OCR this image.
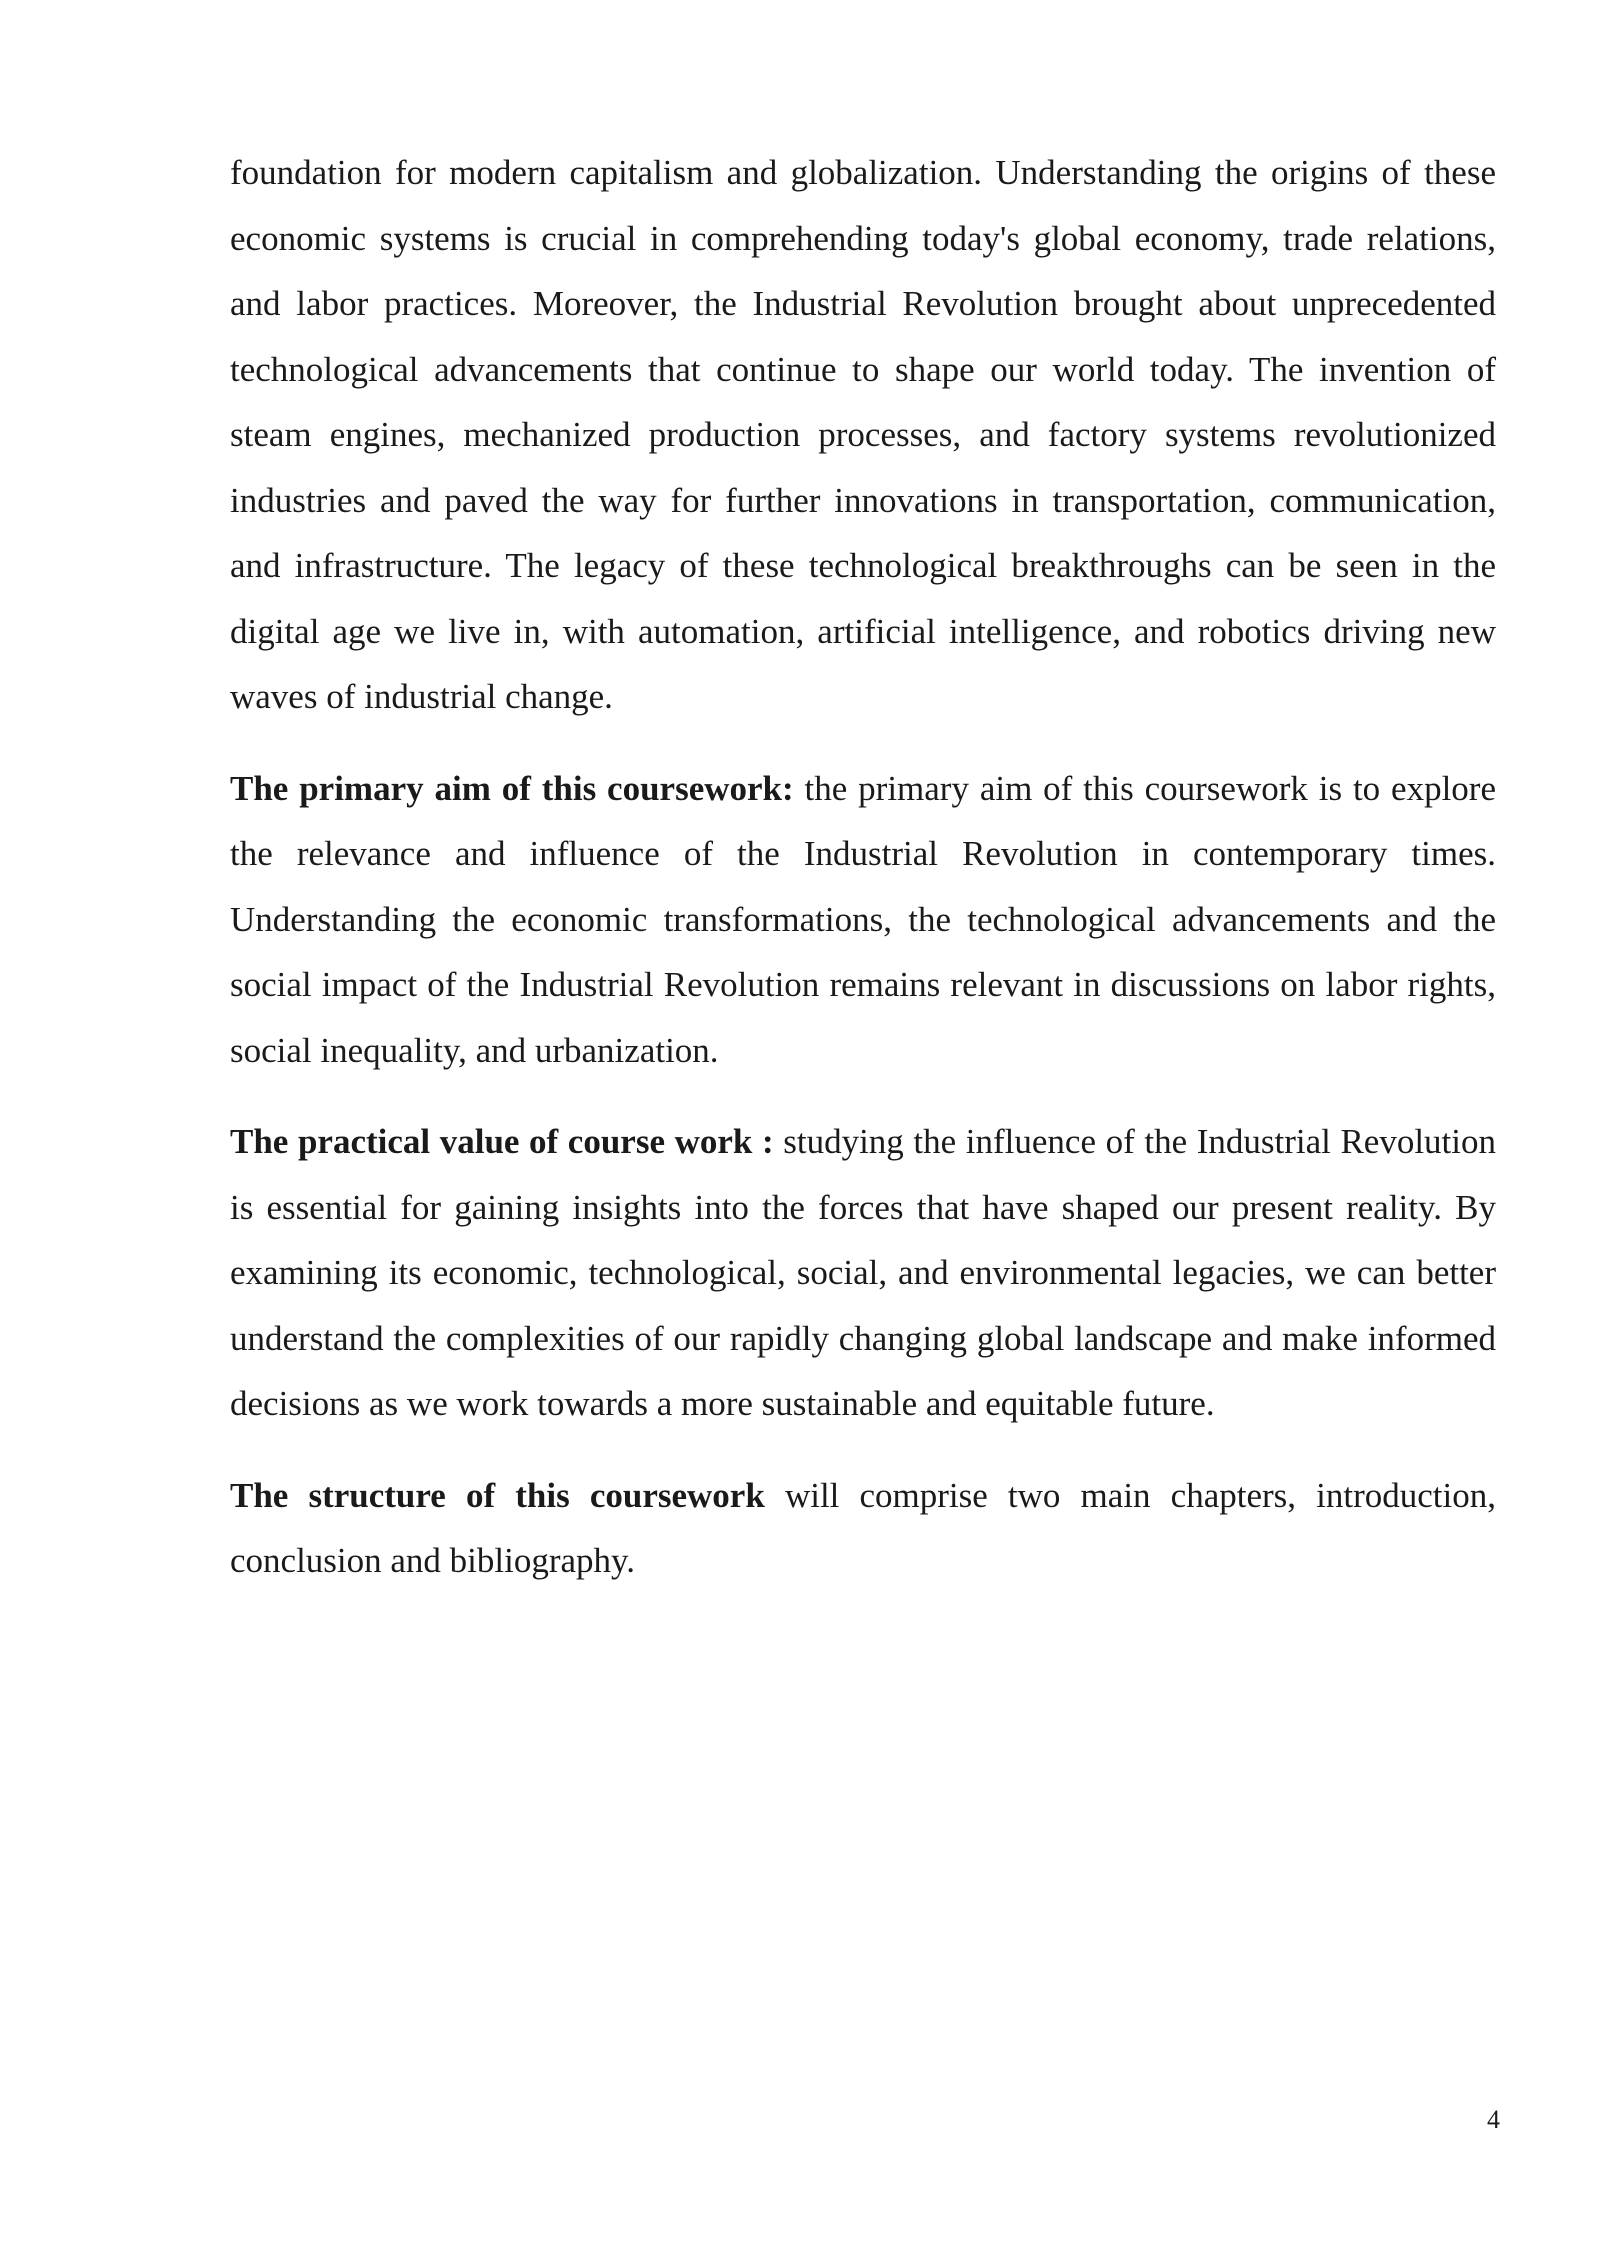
foundation for modern capitalism and globalization. Understanding the origins of these economic systems is crucial in comprehending today's global economy, trade relations, and labor practices. Moreover, the Industrial Revolution brought about unprecedented technological advancements that continue to shape our world today. The invention of steam engines, mechanized production processes, and factory systems revolutionized industries and paved the way for further innovations in transportation, communication, and infrastructure. The legacy of these technological breakthroughs can be seen in the digital age we live in, with automation, artificial intelligence, and robotics driving new waves of industrial change.

The primary aim of this coursework: the primary aim of this coursework is to explore the relevance and influence of the Industrial Revolution in contemporary times. Understanding the economic transformations, the technological advancements and the social impact of the Industrial Revolution remains relevant in discussions on labor rights, social inequality, and urbanization.

The practical value of course work : studying the influence of the Industrial Revolution is essential for gaining insights into the forces that have shaped our present reality. By examining its economic, technological, social, and environmental legacies, we can better understand the complexities of our rapidly changing global landscape and make informed decisions as we work towards a more sustainable and equitable future.

The structure of this coursework will comprise two main chapters, introduction, conclusion and bibliography.

4
